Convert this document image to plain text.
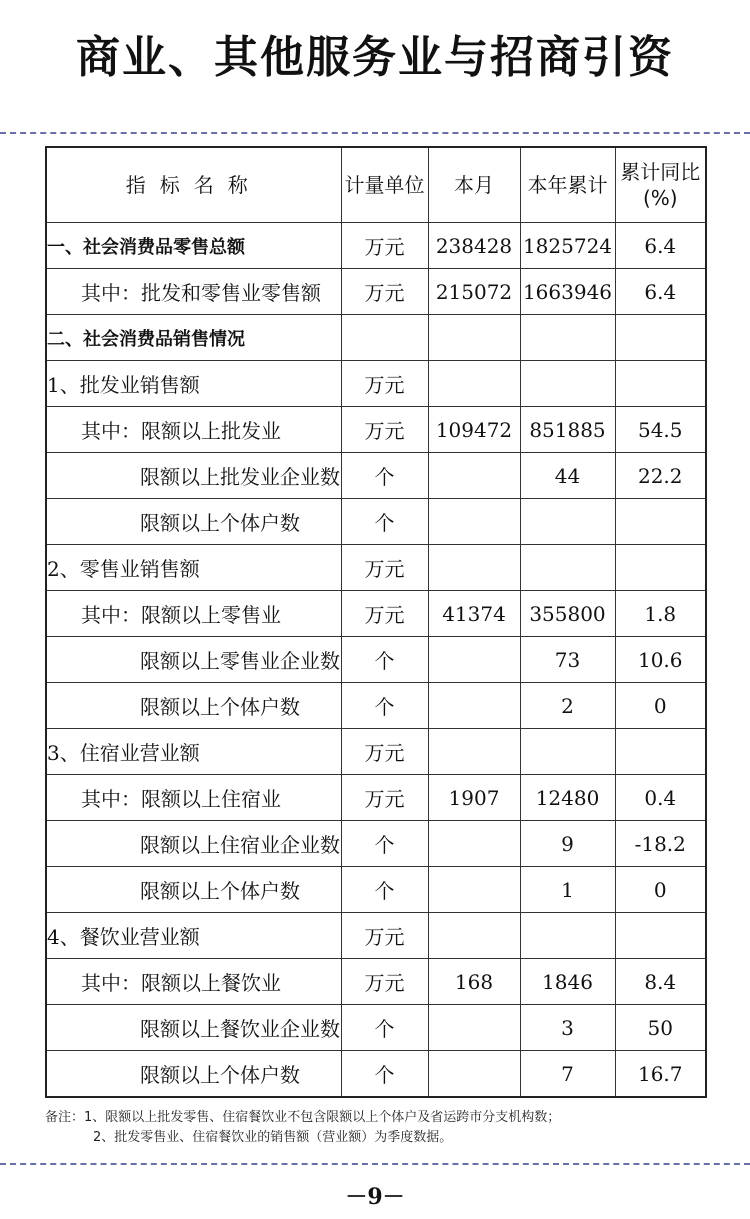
商业、其他服务业与招商引资
指标名称	计量单位	本月	本年累计	累计同比(%)
一、社会消费品零售总额	万元	238428	1825724	6.4
其中：批发和零售业零售额	万元	215072	1663946	6.4
二、社会消费品销售情况				
1、批发业销售额	万元			
其中：限额以上批发业	万元	109472	851885	54.5
限额以上批发业企业数	个		44	22.2
限额以上个体户数	个			
2、零售业销售额	万元			
其中：限额以上零售业	万元	41374	355800	1.8
限额以上零售业企业数	个		73	10.6
限额以上个体户数	个		2	0
3、住宿业营业额	万元			
其中：限额以上住宿业	万元	1907	12480	0.4
限额以上住宿业企业数	个		9	-18.2
限额以上个体户数	个		1	0
4、餐饮业营业额	万元			
其中：限额以上餐饮业	万元	168	1846	8.4
限额以上餐饮业企业数	个		3	50
限额以上个体户数	个		7	16.7
备注：1、限额以上批发零售、住宿餐饮业不包含限额以上个体户及省运跨市分支机构数；
2、批发零售业、住宿餐饮业的销售额（营业额）为季度数据。
－9－
